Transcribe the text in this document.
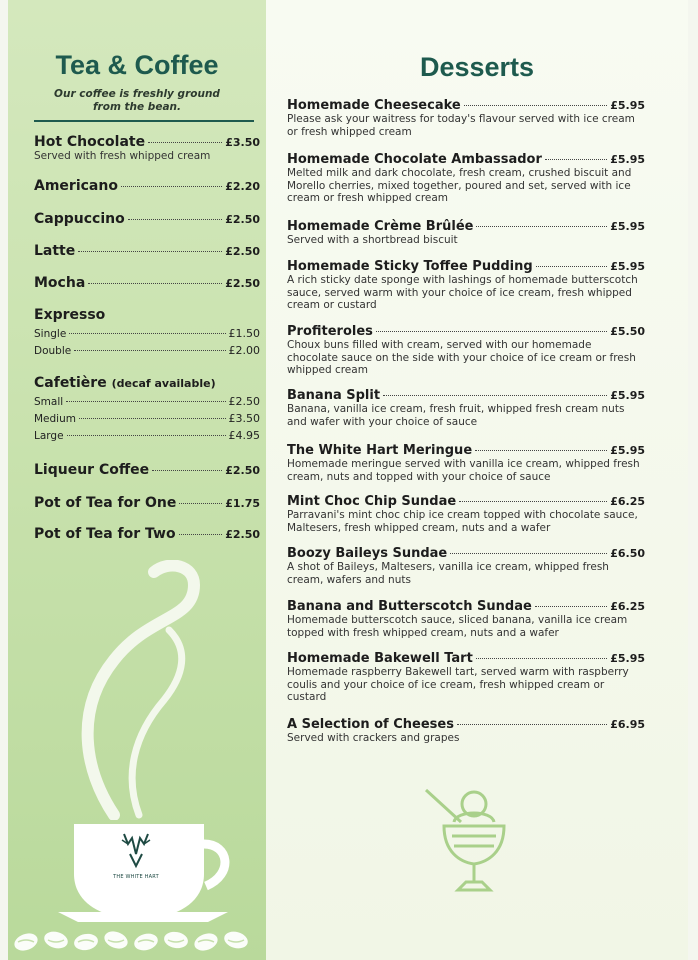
Tea & Coffee
Our coffee is freshly ground
from the bean.
Hot Chocolate	£3.50
Served with fresh whipped cream
Americano	£2.20
Cappuccino	£2.50
Latte	£2.50
Mocha	£2.50
Expresso
Single	£1.50
Double	£2.00
Cafetière (decaf available)
Small	£2.50
Medium	£3.50
Large	£4.95
Liqueur Coffee	£2.50
Pot of Tea for One	£1.75
Pot of Tea for Two	£2.50
THE WHITE HART
Desserts
Homemade Cheesecake	£5.95
Please ask your waitress for today's flavour served with ice cream or fresh whipped cream
Homemade Chocolate Ambassador	£5.95
Melted milk and dark chocolate, fresh cream, crushed biscuit and Morello cherries, mixed together, poured and set, served with ice cream or fresh whipped cream
Homemade Crème Brûlée	£5.95
Served with a shortbread biscuit
Homemade Sticky Toffee Pudding	£5.95
A rich sticky date sponge with lashings of homemade butterscotch sauce, served warm with your choice of ice cream, fresh whipped cream or custard
Profiteroles	£5.50
Choux buns filled with cream, served with our homemade chocolate sauce on the side with your choice of ice cream or fresh whipped cream
Banana Split	£5.95
Banana, vanilla ice cream, fresh fruit, whipped fresh cream nuts and wafer with your choice of sauce
The White Hart Meringue	£5.95
Homemade meringue served with vanilla ice cream, whipped fresh cream, nuts and topped with your choice of sauce
Mint Choc Chip Sundae	£6.25
Parravani's mint choc chip ice cream topped with chocolate sauce, Maltesers, fresh whipped cream, nuts and a wafer
Boozy Baileys Sundae	£6.50
A shot of Baileys, Maltesers, vanilla ice cream, whipped fresh cream, wafers and nuts
Banana and Butterscotch Sundae	£6.25
Homemade butterscotch sauce, sliced banana, vanilla ice cream topped with fresh whipped cream, nuts and a wafer
Homemade Bakewell Tart	£5.95
Homemade raspberry Bakewell tart, served warm with raspberry coulis and your choice of ice cream, fresh whipped cream or custard
A Selection of Cheeses	£6.95
Served with crackers and grapes
